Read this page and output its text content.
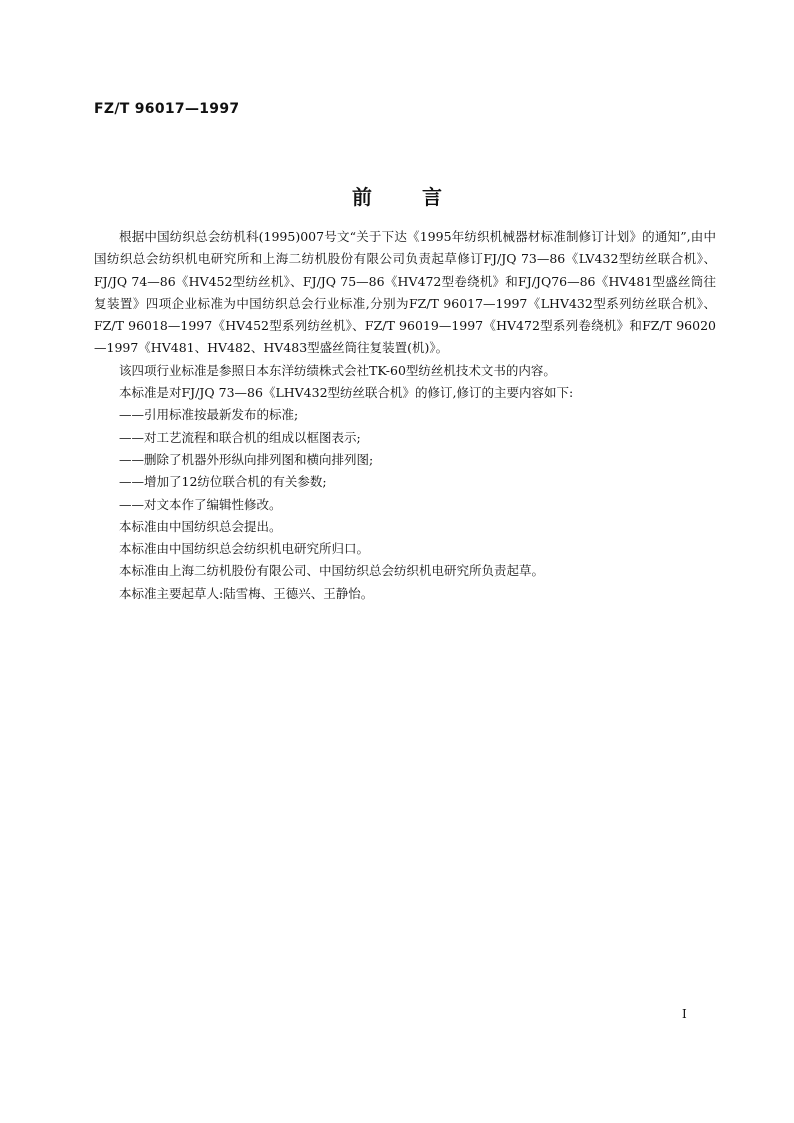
FZ/T 96017—1997
前言

根据中国纺织总会纺机科(1995)007号文“关于下达《1995年纺织机械器材标准制修订计划》的通知”,由中国纺织总会纺织机电研究所和上海二纺机股份有限公司负责起草修订FJ/JQ 73—86《LV432型纺丝联合机》、FJ/JQ 74—86《HV452型纺丝机》、FJ/JQ 75—86《HV472型卷绕机》和FJ/JQ76—86《HV481型盛丝筒往复装置》四项企业标准为中国纺织总会行业标准,分别为FZ/T 96017—1997《LHV432型系列纺丝联合机》、FZ/T 96018—1997《HV452型系列纺丝机》、FZ/T 96019—1997《HV472型系列卷绕机》和FZ/T 96020—1997《HV481、HV482、HV483型盛丝筒往复装置(机)》。

该四项行业标准是参照日本东洋纺绩株式会社TK-60型纺丝机技术文书的内容。

本标准是对FJ/JQ 73—86《LHV432型纺丝联合机》的修订,修订的主要内容如下:

——引用标准按最新发布的标准;

——对工艺流程和联合机的组成以框图表示;

——删除了机器外形纵向排列图和横向排列图;

——增加了12纺位联合机的有关参数;

——对文本作了编辑性修改。

本标准由中国纺织总会提出。

本标准由中国纺织总会纺织机电研究所归口。

本标准由上海二纺机股份有限公司、中国纺织总会纺织机电研究所负责起草。

本标准主要起草人:陆雪梅、王德兴、王静怡。

I
